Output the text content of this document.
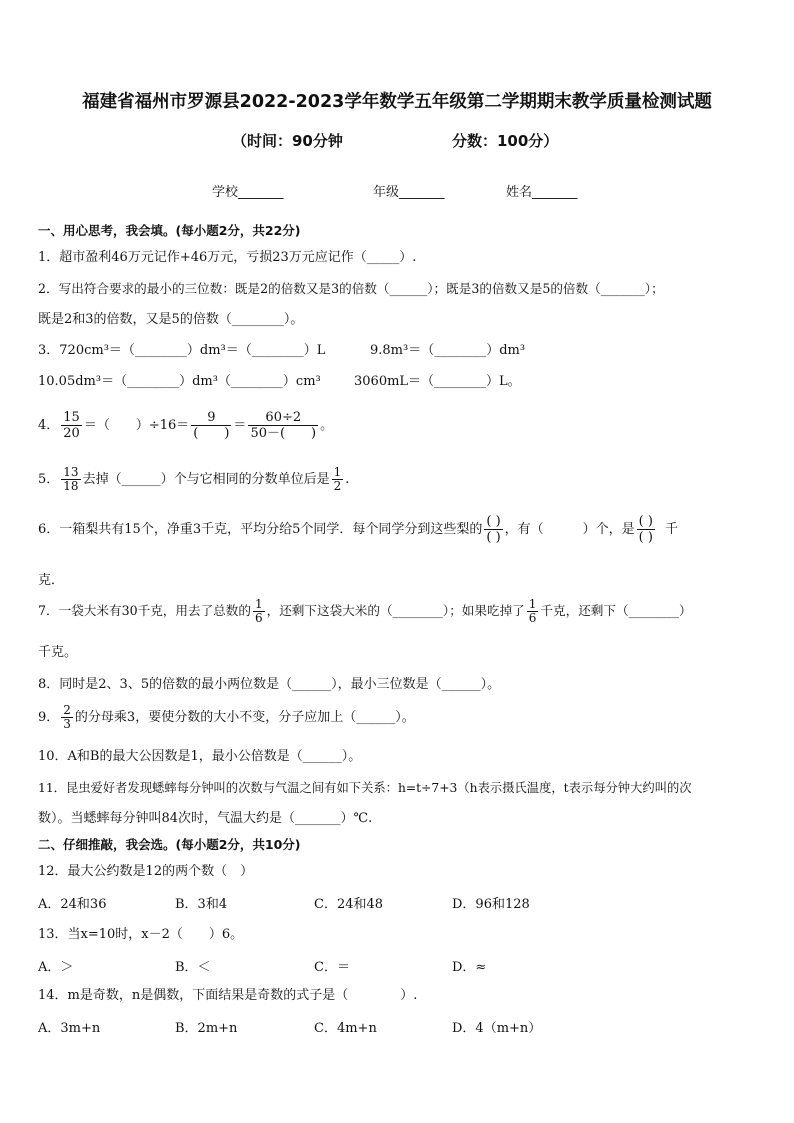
福建省福州市罗源县2022-2023学年数学五年级第二学期期末教学质量检测试题
（时间：90分钟	分数：100分）
学校_______	年级_______	姓名_______
一、用心思考，我会填。(每小题2分，共22分)
1．超市盈利46万元记作+46万元，亏损23万元应记作（_____）.
2．写出符合要求的最小的三位数：既是2的倍数又是3的倍数（______）；既是3的倍数又是5的倍数（_______）；
既是2和3的倍数，又是5的倍数（________）。
3．720cm³＝（________）dm³＝（________）L	9.8m³＝（________）dm³
10.05dm³＝（________）dm³（________）cm³	3060mL＝（________）L。
4． $\frac{15}{20}$ ＝（　　）$\div 16= \frac{9}{( )} = \frac{60\div 2}{50-( )}$ 。
5． $\frac{13}{18}$ 去掉（______）个与它相同的分数单位后是 $\frac{1}{2}$ .
6．一箱梨共有15个，净重3千克，平均分给5个同学．每个同学分到这些梨的 $\frac{( )}{( )}$ ，有（　　　）个，是 $\frac{( )}{( )}$ 千
克．
7．一袋大米有30千克，用去了总数的 $\frac{1}{6}$ ，还剩下这袋大米的（________）；如果吃掉了 $\frac{1}{6}$ 千克，还剩下（________）
千克。
8．同时是2、3、5的倍数的最小两位数是（______），最小三位数是（______）。
9． $\frac{2}{3}$ 的分母乘3，要使分数的大小不变，分子应加上（______）。
10．A和B的最大公因数是1，最小公倍数是（______）。
11．昆虫爱好者发现蟋蟀每分钟叫的次数与气温之间有如下关系：h=t÷7+3（h表示摄氏温度，t表示每分钟大约叫的次
数）。当蟋蟀每分钟叫84次时，气温大约是（_______）℃.
二、仔细推敲，我会选。(每小题2分，共10分)
12．最大公约数是12的两个数（　）
A．24和36	B．3和4	C．24和48	D．96和128
13．当x=10时，x－2（　　）6。
A．＞	B．＜	C．＝	D．≈
14．m是奇数，n是偶数，下面结果是奇数的式子是（　　　　）.
A．3m+n	B．2m+n	C．4m+n	D．4（m+n）
